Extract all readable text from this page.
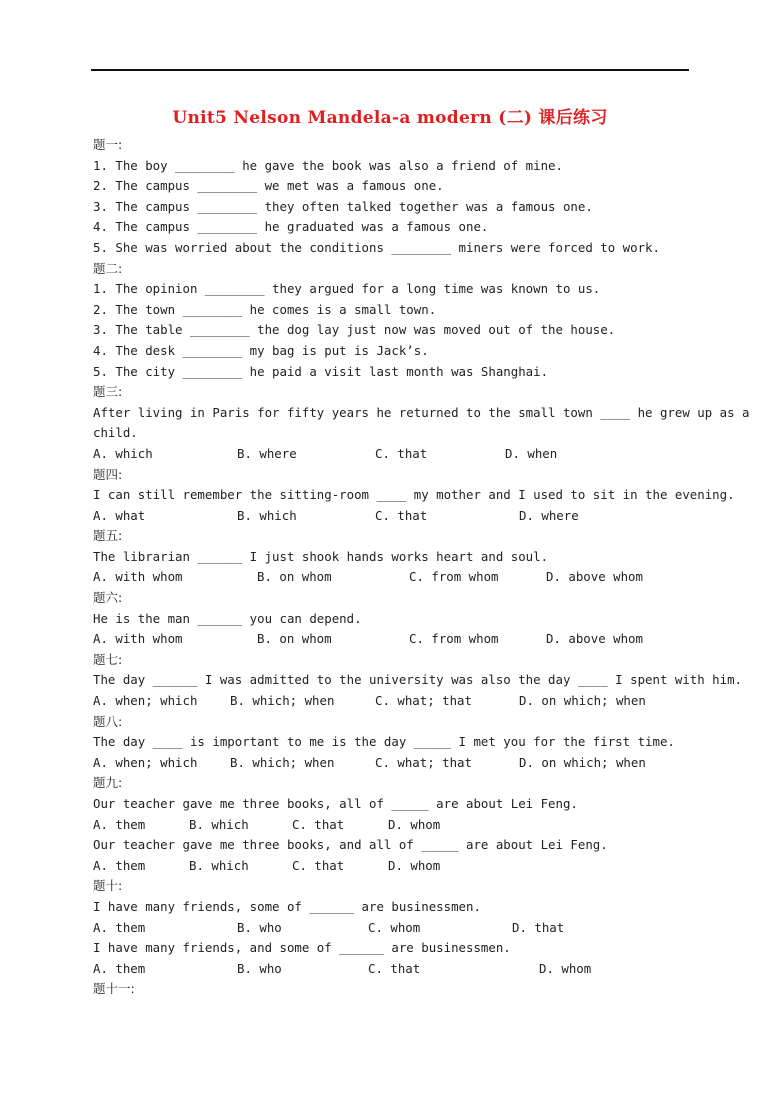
Unit5 Nelson Mandela-a modern (二) 课后练习
题一:
1. The boy ________ he gave the book was also a friend of mine.
2. The campus ________ we met was a famous one.
3. The campus ________ they often talked together was a famous one.
4. The campus ________ he graduated was a famous one.
5. She was worried about the conditions ________ miners were forced to work.
题二:
1. The opinion ________ they argued for a long time was known to us.
2. The town ________ he comes is a small town.
3. The table ________ the dog lay just now was moved out of the house.
4. The desk ________ my bag is put is Jack’s.
5. The city ________ he paid a visit last month was Shanghai.
题三:
After living in Paris for fifty years he returned to the small town ____ he grew up as a
child.

A. which

	B. where

	C. that

	D. when

题四:
I can still remember the sitting-room ____ my mother and I used to sit in the evening.

A. what

	B. which

	C. that

	D. where

题五:
The librarian ______ I just shook hands works heart and soul.

A. with whom

	B. on whom

	C. from whom

	D. above whom

题六:
He is the man ______ you can depend.

A. with whom

	B. on whom

	C. from whom

	D. above whom

题七:
The day ______ I was admitted to the university was also the day ____ I spent with him.

A. when; which

	B. which; when

	C. what; that

	D. on which; when

题八:
The day ____ is important to me is the day _____ I met you for the first time.

A. when; which

	B. which; when

	C. what; that

	D. on which; when

题九:
Our teacher gave me three books, all of _____ are about Lei Feng.

A. them

	B. which

	C. that

	D. whom

Our teacher gave me three books, and all of _____ are about Lei Feng.

A. them

	B. which

	C. that

	D. whom

题十:
I have many friends, some of ______ are businessmen.

A. them

	B. who

	C. whom

	D. that

I have many friends, and some of ______ are businessmen.

A. them

	B. who

	C. that

	D. whom

题十一:
